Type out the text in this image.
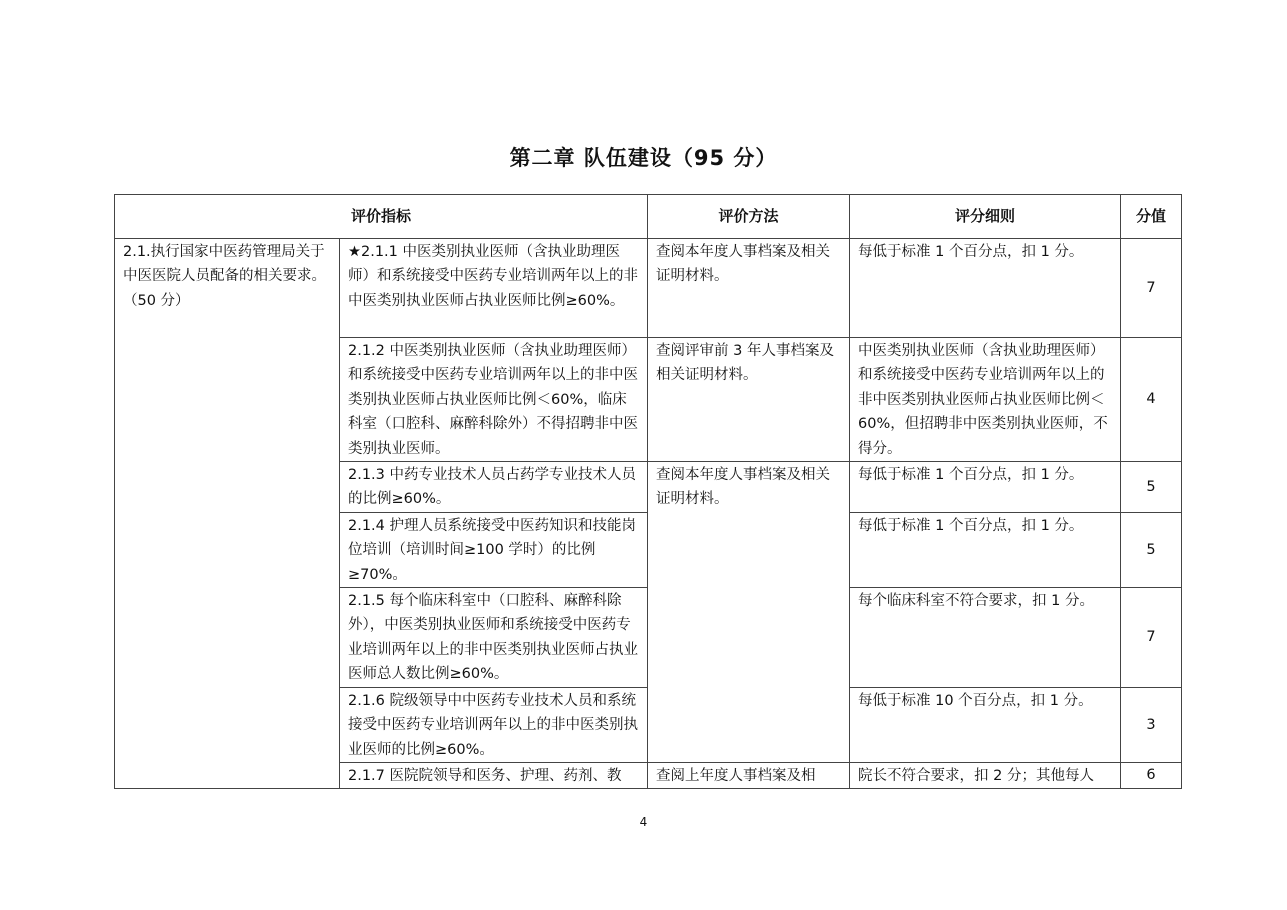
第二章 队伍建设（95 分）
评价指标		评价方法	评分细则	分值
2.1.执行国家中医药管理局关于中医医院人员配备的相关要求。（50 分）	★2.1.1 中医类别执业医师（含执业助理医师）和系统接受中医药专业培训两年以上的非中医类别执业医师占执业医师比例≥60%。	查阅本年度人事档案及相关证明材料。	每低于标准 1 个百分点，扣 1 分。	7
	2.1.2 中医类别执业医师（含执业助理医师）和系统接受中医药专业培训两年以上的非中医类别执业医师占执业医师比例＜60%，临床科室（口腔科、麻醉科除外）不得招聘非中医类别执业医师。	查阅评审前 3 年人事档案及相关证明材料。	中医类别执业医师（含执业助理医师）和系统接受中医药专业培训两年以上的非中医类别执业医师占执业医师比例＜60%，但招聘非中医类别执业医师，不得分。	4
	2.1.3 中药专业技术人员占药学专业技术人员的比例≥60%。	查阅本年度人事档案及相关证明材料。	每低于标准 1 个百分点，扣 1 分。	5
	2.1.4 护理人员系统接受中医药知识和技能岗位培训（培训时间≥100 学时）的比例≥70%。		每低于标准 1 个百分点，扣 1 分。	5
	2.1.5 每个临床科室中（口腔科、麻醉科除外），中医类别执业医师和系统接受中医药专业培训两年以上的非中医类别执业医师占执业医师总人数比例≥60%。		每个临床科室不符合要求，扣 1 分。	7
	2.1.6 院级领导中中医药专业技术人员和系统接受中医药专业培训两年以上的非中医类别执业医师的比例≥60%。		每低于标准 10 个百分点，扣 1 分。	3
	2.1.7 医院院领导和医务、护理、药剂、教	查阅上年度人事档案及相	院长不符合要求，扣 2 分；其他每人	6
4
